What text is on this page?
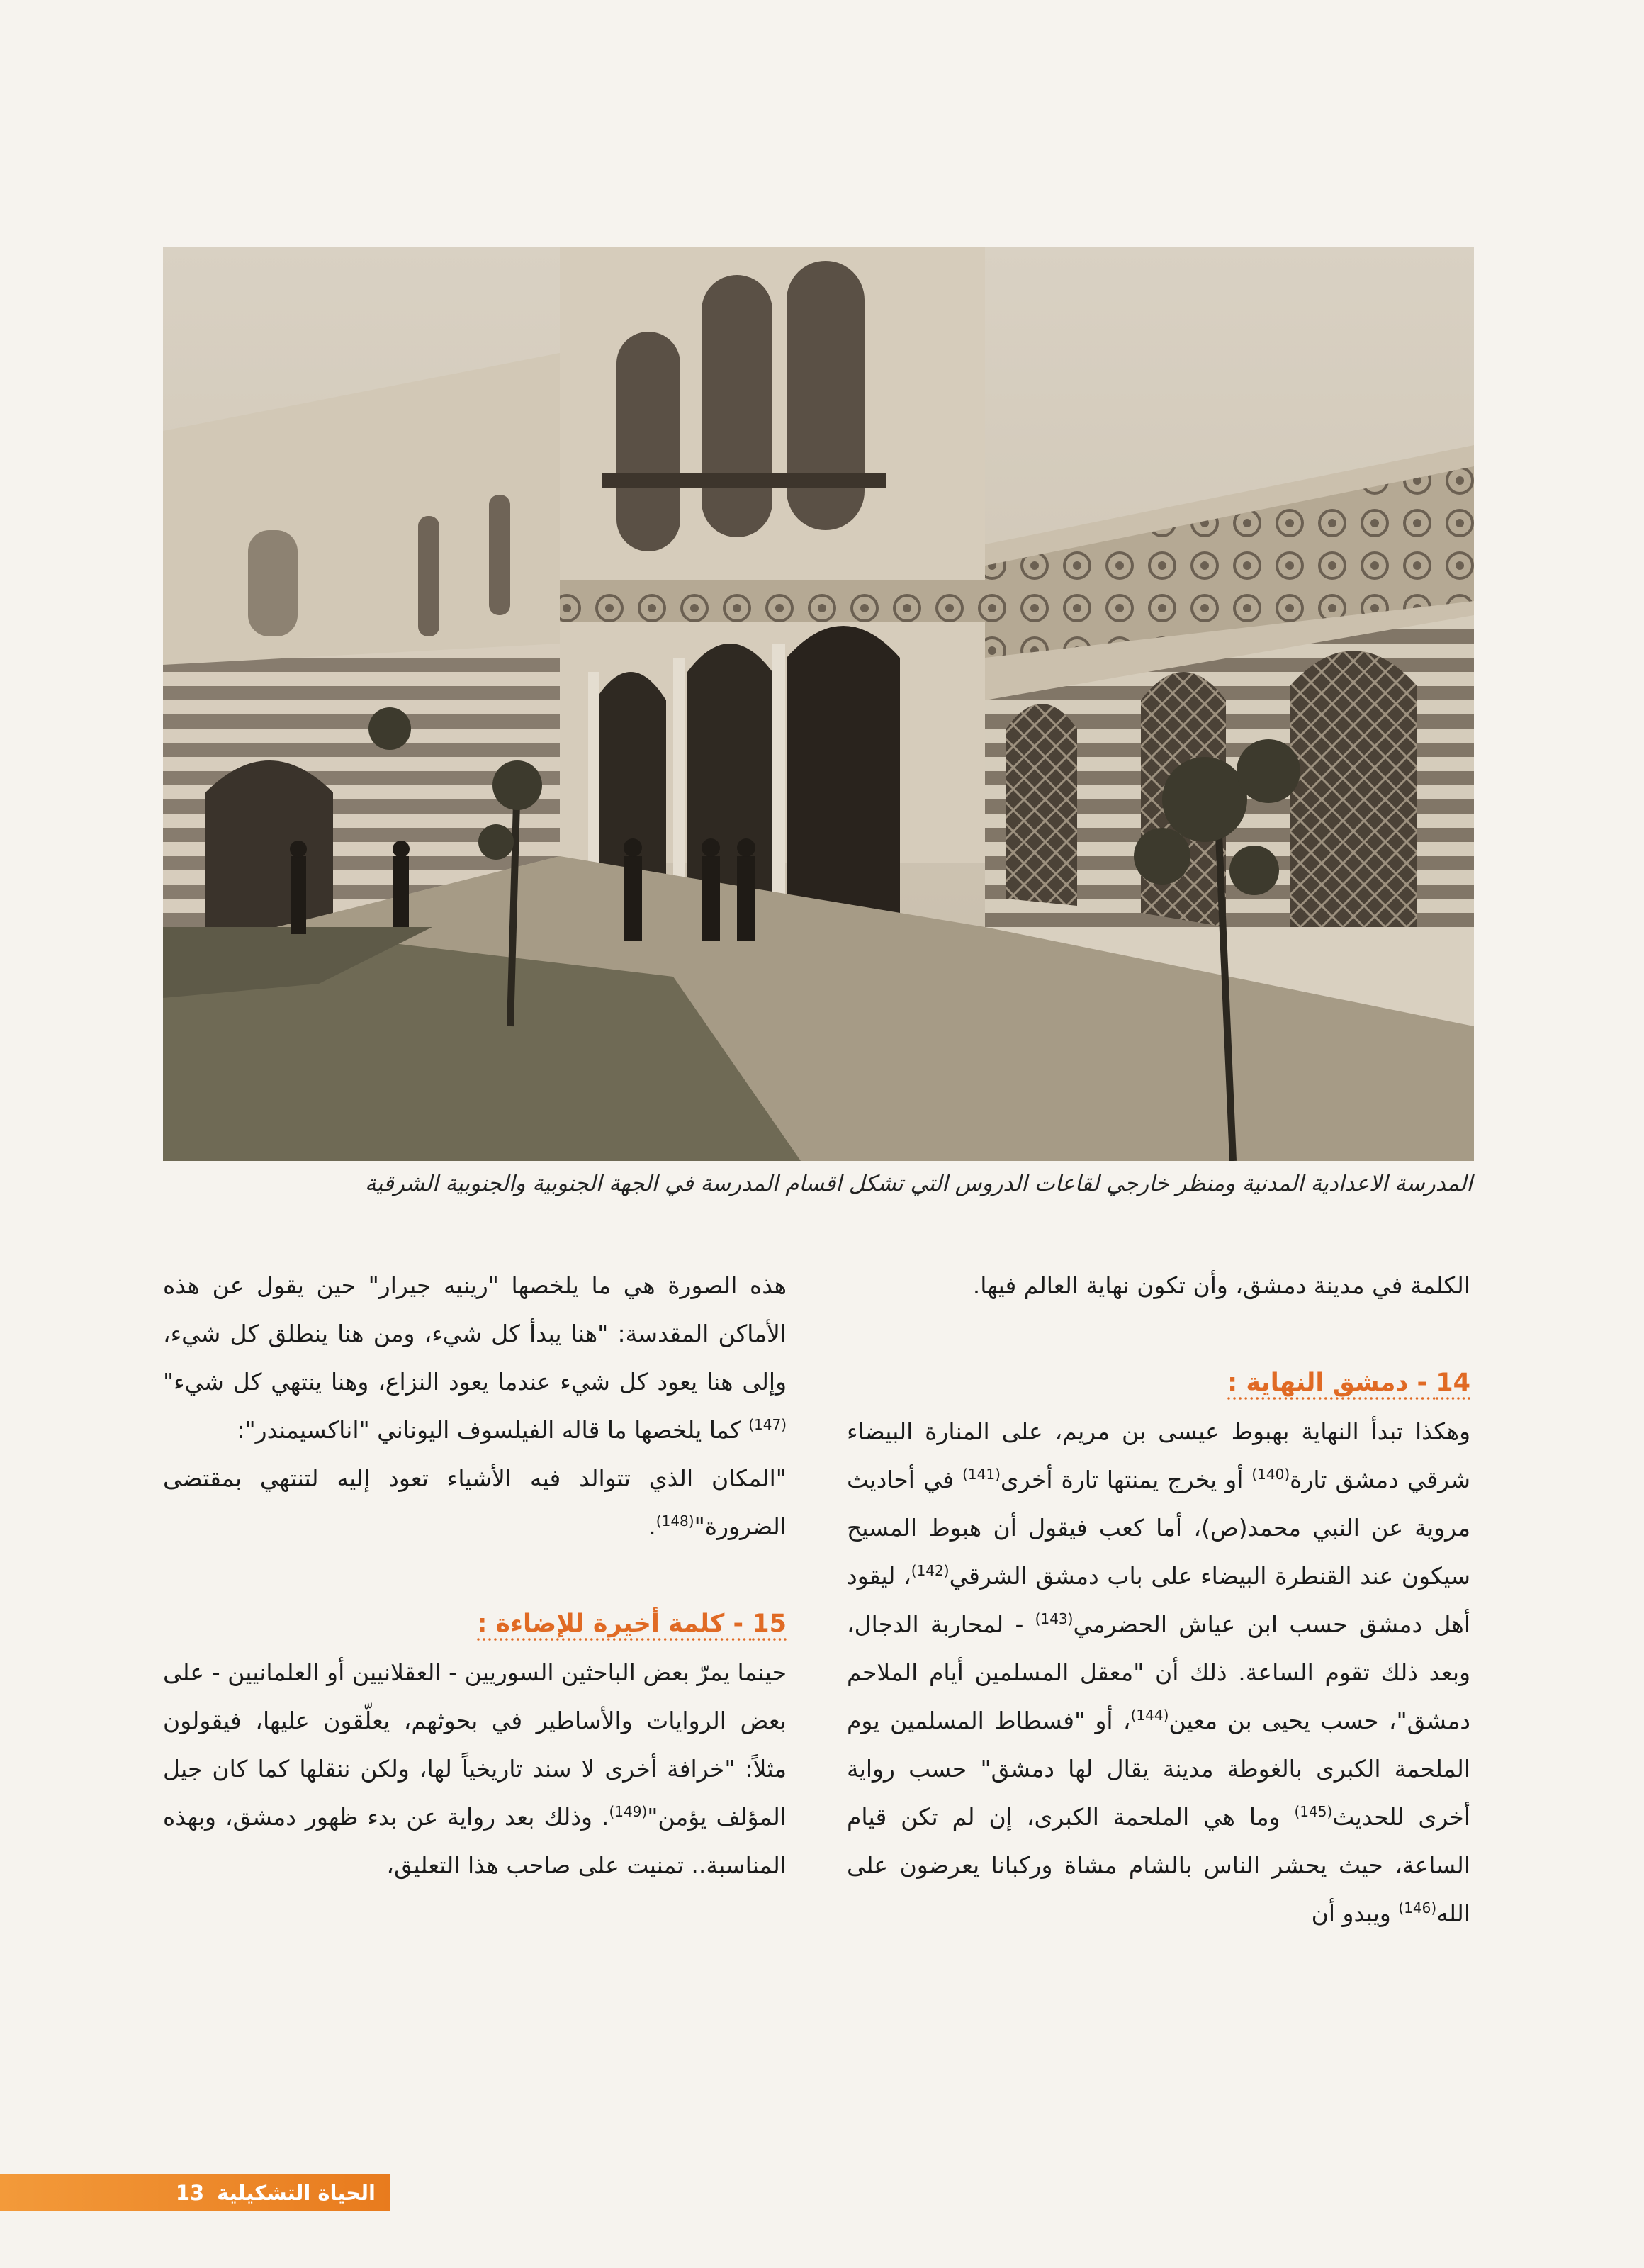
المدرسة الاعدادية المدنية ومنظر خارجي لقاعات الدروس التي تشكل اقسام المدرسة في الجهة الجنوبية والجنوبية الشرقية

الكلمة في مدينة دمشق، وأن تكون نهاية العالم فيها.

14 - دمشق النهاية :

وهكذا تبدأ النهاية بهبوط عيسى بن مريم، على المنارة البيضاء شرقي دمشق تارة$^{(140)}$ أو يخرج يمنتها تارة أخرى$^{(141)}$ في أحاديث مروية عن النبي محمد(ص)، أما كعب فيقول أن هبوط المسيح سيكون عند القنطرة البيضاء على باب دمشق الشرقي$^{(142)}$، ليقود أهل دمشق حسب ابن عياش الحضرمي$^{(143)}$ - لمحاربة الدجال، وبعد ذلك تقوم الساعة. ذلك أن "معقل المسلمين أيام الملاحم دمشق"، حسب يحيى بن معين$^{(144)}$، أو "فسطاط المسلمين يوم الملحمة الكبرى بالغوطة مدينة يقال لها دمشق" حسب رواية أخرى للحديث$^{(145)}$ وما هي الملحمة الكبرى، إن لم تكن قيام الساعة، حيث يحشر الناس بالشام مشاة وركبانا يعرضون على الله$^{(146)}$ ويبدو أن

هذه الصورة هي ما يلخصها "رينيه جيرار" حين يقول عن هذه الأماكن المقدسة: "هنا يبدأ كل شيء، ومن هنا ينطلق كل شيء، وإلى هنا يعود كل شيء عندما يعود النزاع، وهنا ينتهي كل شيء"$^{(147)}$ كما يلخصها ما قاله الفيلسوف اليوناني "اناكسيمندر":

"المكان الذي تتوالد فيه الأشياء تعود إليه لتنتهي بمقتضى الضرورة"$^{(148)}$.

15 - كلمة أخيرة للإضاءة :

حينما يمرّ بعض الباحثين السوريين - العقلانيين أو العلمانيين - على بعض الروايات والأساطير في بحوثهم، يعلّقون عليها، فيقولون مثلاً: "خرافة أخرى لا سند تاريخياً لها، ولكن ننقلها كما كان جيل المؤلف يؤمن"$^{(149)}$. وذلك بعد رواية عن بدء ظهور دمشق، وبهذه المناسبة.. تمنيت على صاحب هذا التعليق،

الحياة التشكيلية
13
